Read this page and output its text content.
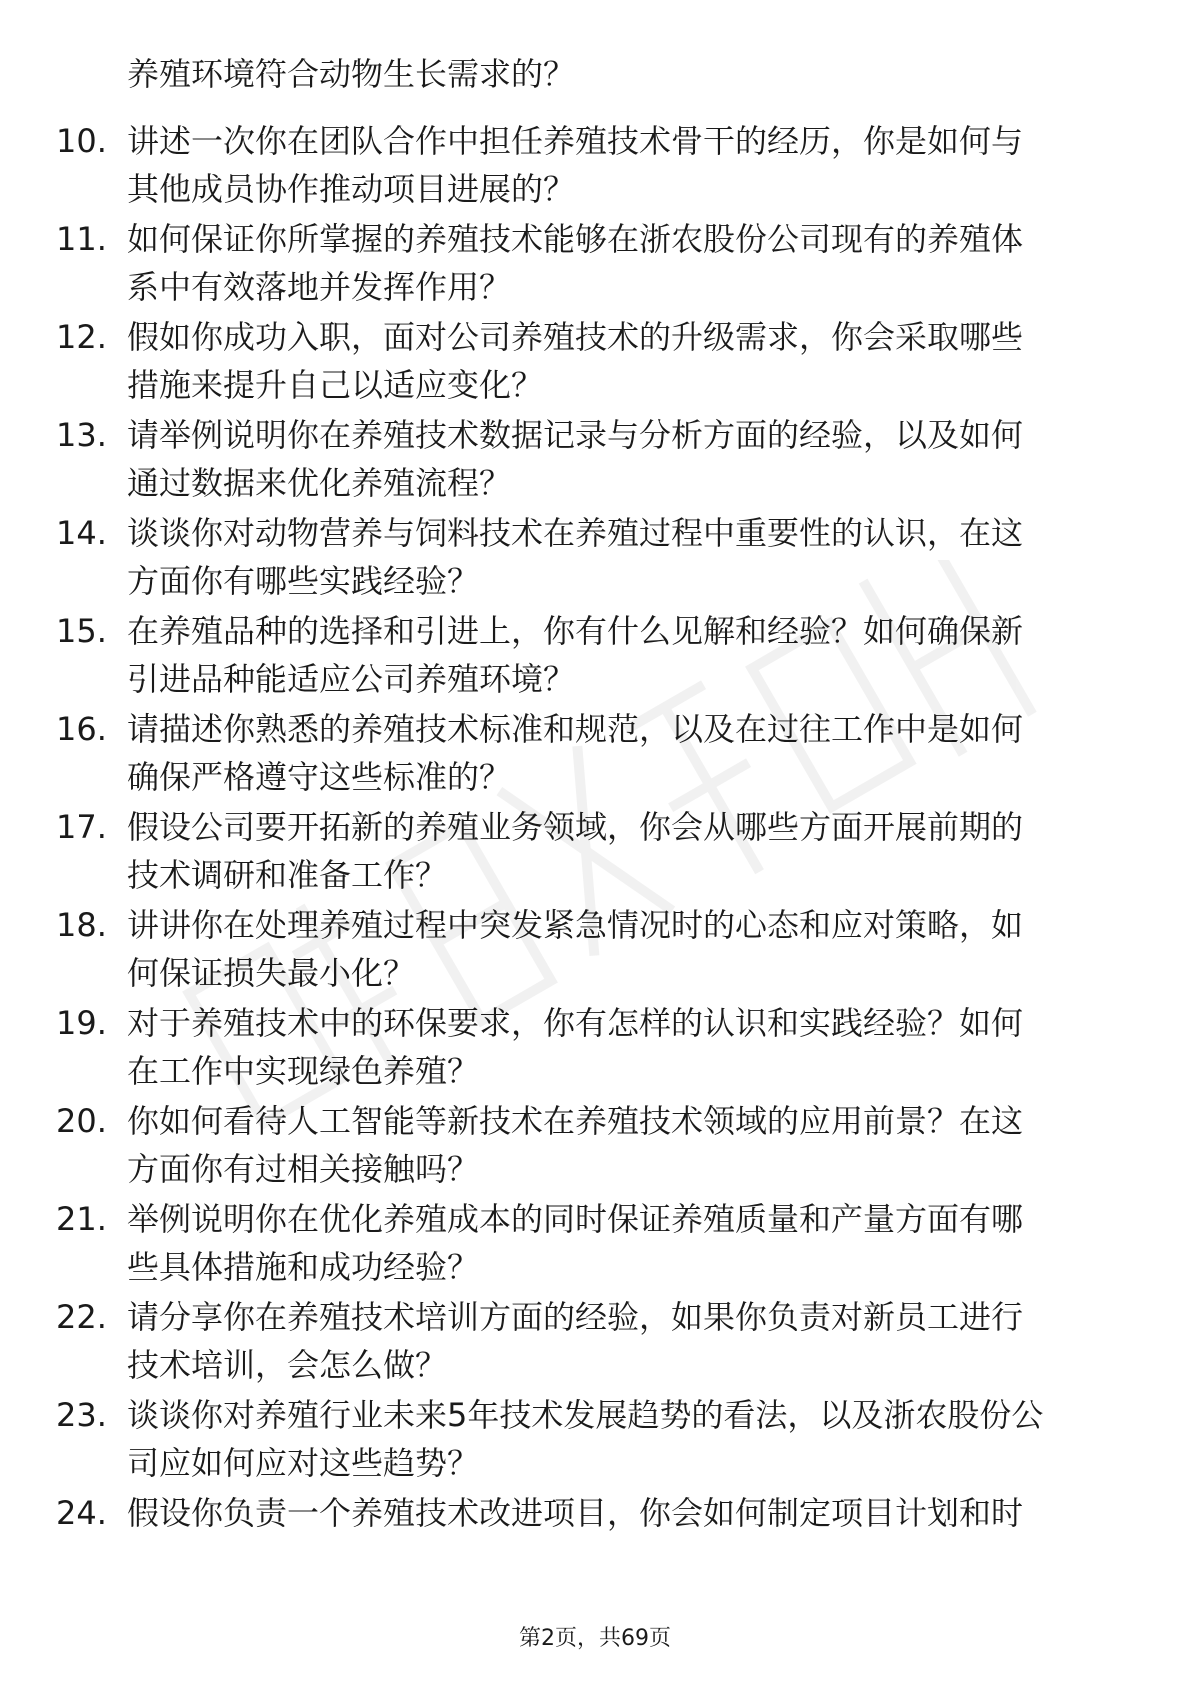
养殖环境符合动物生长需求的？
10. 讲述一次你在团队合作中担任养殖技术骨干的经历，你是如何与
其他成员协作推动项目进展的？
11. 如何保证你所掌握的养殖技术能够在浙农股份公司现有的养殖体
系中有效落地并发挥作用？
12. 假如你成功入职，面对公司养殖技术的升级需求，你会采取哪些
措施来提升自己以适应变化？
13. 请举例说明你在养殖技术数据记录与分析方面的经验，以及如何
通过数据来优化养殖流程？
14. 谈谈你对动物营养与饲料技术在养殖过程中重要性的认识，在这
方面你有哪些实践经验？
15. 在养殖品种的选择和引进上，你有什么见解和经验？如何确保新
引进品种能适应公司养殖环境？
16. 请描述你熟悉的养殖技术标准和规范，以及在过往工作中是如何
确保严格遵守这些标准的？
17. 假设公司要开拓新的养殖业务领域，你会从哪些方面开展前期的
技术调研和准备工作？
18. 讲讲你在处理养殖过程中突发紧急情况时的心态和应对策略，如
何保证损失最小化？
19. 对于养殖技术中的环保要求，你有怎样的认识和实践经验？如何
在工作中实现绿色养殖？
20. 你如何看待人工智能等新技术在养殖技术领域的应用前景？在这
方面你有过相关接触吗？
21. 举例说明你在优化养殖成本的同时保证养殖质量和产量方面有哪
些具体措施和成功经验？
22. 请分享你在养殖技术培训方面的经验，如果你负责对新员工进行
技术培训，会怎么做？
23. 谈谈你对养殖行业未来5年技术发展趋势的看法，以及浙农股份公
司应如何应对这些趋势？
24. 假设你负责一个养殖技术改进项目，你会如何制定项目计划和时
第2页，共69页
